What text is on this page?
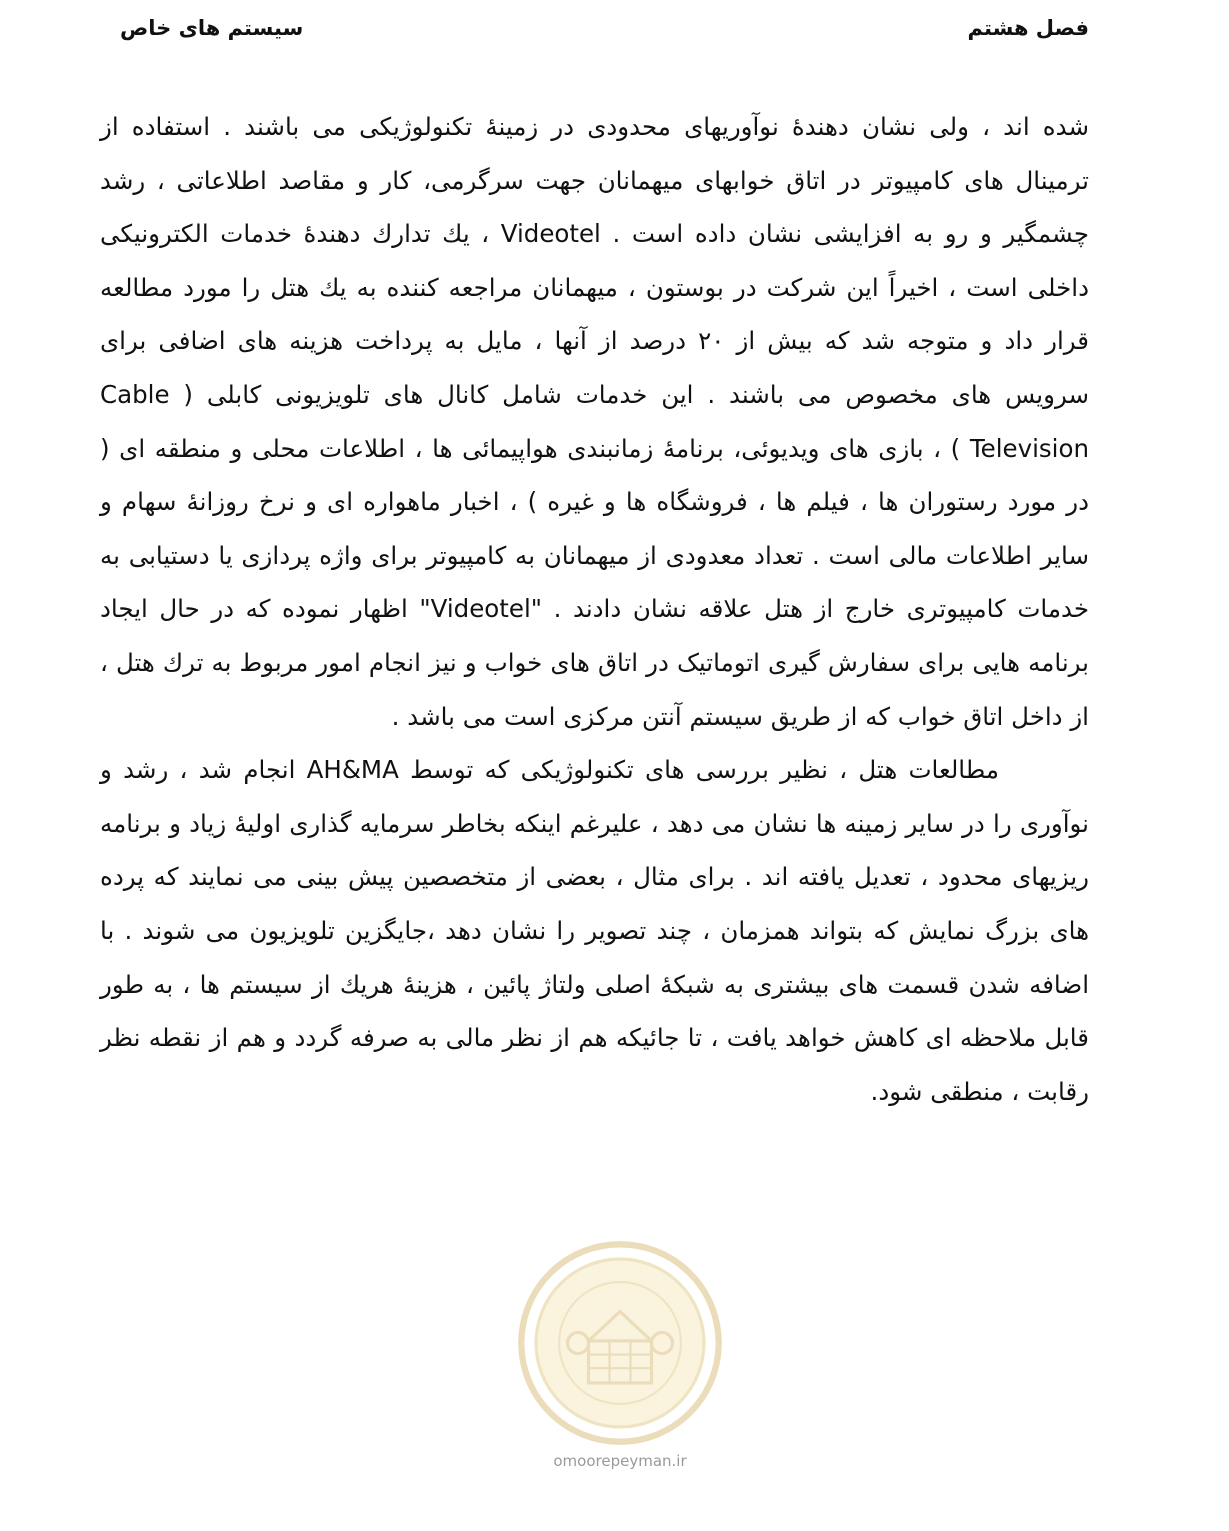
فصل هشتم
سیستم های خاص

شده اند ، ولی نشان دهندهٔ نوآوریهای محدودی در زمینهٔ تکنولوژیکی می باشند . استفاده از ترمینال های کامپیوتر در اتاق خوابهای میهمانان جهت سرگرمی، کار و مقاصد اطلاعاتی ، رشد چشمگیر و رو به افزایشی نشان داده است . Videotel ، یك تدارك دهندهٔ خدمات الکترونیکی داخلی است ، اخیراً این شرکت در بوستون ، میهمانان مراجعه کننده به یك هتل را مورد مطالعه قرار داد و متوجه شد که بیش از ۲۰ درصد از آنها ، مایل به پرداخت هزینه های اضافی برای سرویس های مخصوص می باشند . این خدمات شامل کانال های تلویزیونی کابلی ( Cable Television ) ، بازی های ویدیوئی، برنامهٔ زمانبندی هواپیمائی ها ، اطلاعات محلی و منطقه ای ( در مورد رستوران ها ، فیلم ها ، فروشگاه ها و غیره ) ، اخبار ماهواره ای و نرخ روزانهٔ سهام و سایر اطلاعات مالی است . تعداد معدودی از میهمانان به کامپیوتر برای واژه پردازی یا دستیابی به خدمات کامپیوتری خارج از هتل علاقه نشان دادند . "Videotel" اظهار نموده که در حال ایجاد برنامه هایی برای سفارش گیری اتوماتیک در اتاق های خواب و نیز انجام امور مربوط به ترك هتل ، از داخل اتاق خواب که از طریق سیستم آنتن مرکزی است می باشد .

مطالعات هتل ، نظیر بررسی های تکنولوژیکی که توسط AH&MA انجام شد ، رشد و نوآوری را در سایر زمینه ها نشان می دهد ، علیرغم اینکه بخاطر سرمایه گذاری اولیهٔ زیاد و برنامه ریزیهای محدود ، تعدیل یافته اند . برای مثال ، بعضی از متخصصین پیش بینی می نمایند که پرده های بزرگ نمایش که بتواند همزمان ، چند تصویر را نشان دهد ،جایگزین تلویزیون می شوند . با اضافه شدن قسمت های بیشتری به شبکهٔ اصلی ولتاژ پائین ، هزینهٔ هریك از سیستم ها ، به طور قابل ملاحظه ای کاهش خواهد یافت ، تا جائیکه هم از نظر مالی به صرفه گردد و هم از نقطه نظر رقابت ، منطقی شود.

omoorepeyman.ir
